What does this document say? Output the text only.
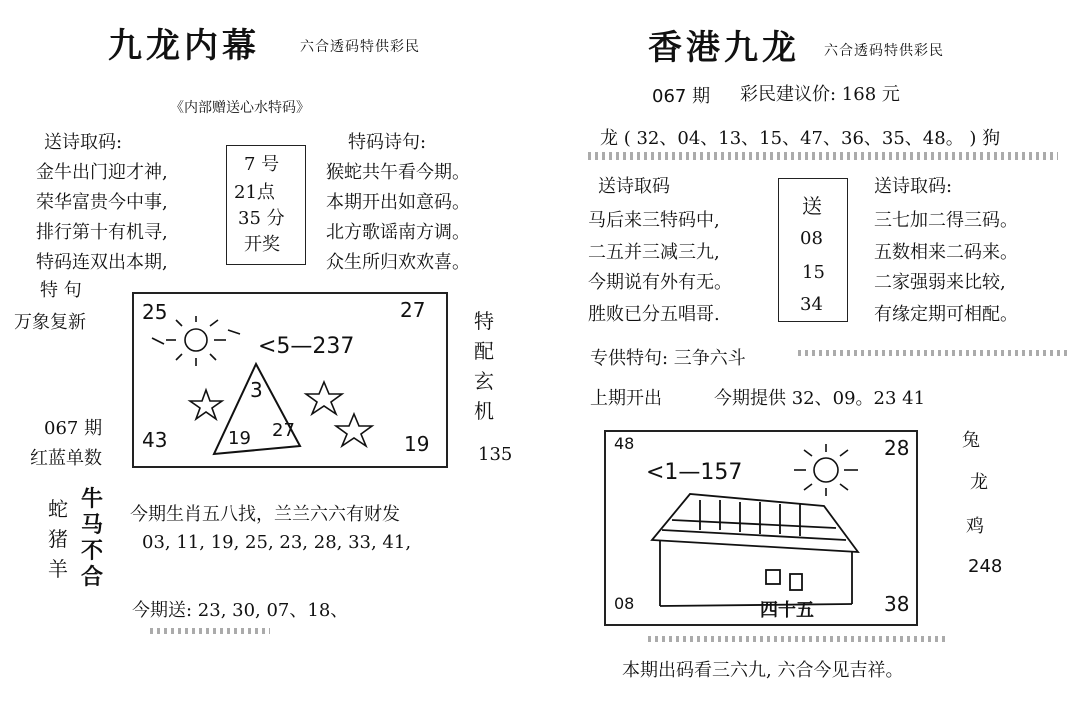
九龙内幕	六合透码特供彩民
《内部赠送心水特码》
送诗取码:
金牛出门迎才神,
荣华富贵今中事,
排行第十有机寻,
特码连双出本期,
7 号
21点
35 分
开奖
特码诗句:
猴蛇共午看今期。
本期开出如意码。
北方歌谣南方调。
众生所归欢欢喜。
特 句
万象复新
067 期
红蓝单数
25	27
43	19
<5—237
3
19 27
特
配
玄
机
135
蛇
猪
羊
牛
马
不
合
今期生肖五八找，兰兰六六有财发
03, 11, 19, 25, 23, 28, 33, 41,
今期送: 23, 30, 07、18、
香港九龙 六合透码特供彩民
067 期 彩民建议价: 168 元
龙 ( 32、04、13、15、47、36、35、48。 ) 狗
送诗取码
马后来三特码中,
二五并三减三九,
今期说有外有无。
胜败已分五唱哥.
送
08
15
34
送诗取码:
三七加二得三码。
五数相来二码来。
二家强弱来比较,
有缘定期可相配。
专供特句: 三争六斗
上期开出	今期提供 32、09。23 41
48	28
08	38
<1—157
四十五
兔
龙
鸡
248
本期出码看三六九, 六合今见吉祥。
